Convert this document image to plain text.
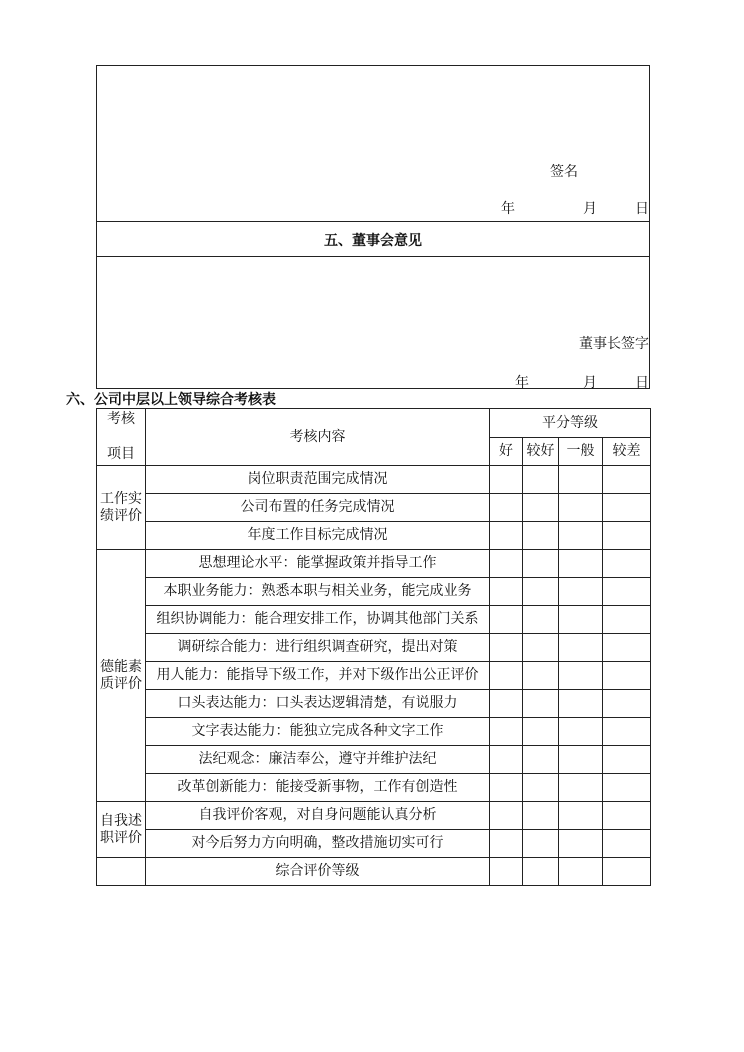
签名
年	月	日
五、董事会意见
董事长签字
年	月	日
六、公司中层以上领导综合考核表
考核
项目	考核内容	平分等级			
		好	较好	一般	较差

工作实
绩评价	岗位职责范围完成情况				
	公司布置的任务完成情况				
	年度工作目标完成情况				

德能素
质评价	思想理论水平：能掌握政策并指导工作				
	本职业务能力：熟悉本职与相关业务，能完成业务				
	组织协调能力：能合理安排工作，协调其他部门关系				
	调研综合能力：进行组织调查研究，提出对策				
	用人能力：能指导下级工作，并对下级作出公正评价				
	口头表达能力：口头表达逻辑清楚，有说服力				
	文字表达能力：能独立完成各种文字工作				
	法纪观念：廉洁奉公，遵守并维护法纪				
	改革创新能力：能接受新事物，工作有创造性				

自我述
职评价	自我评价客观，对自身问题能认真分析				
	对今后努力方向明确，整改措施切实可行				
	综合评价等级				
